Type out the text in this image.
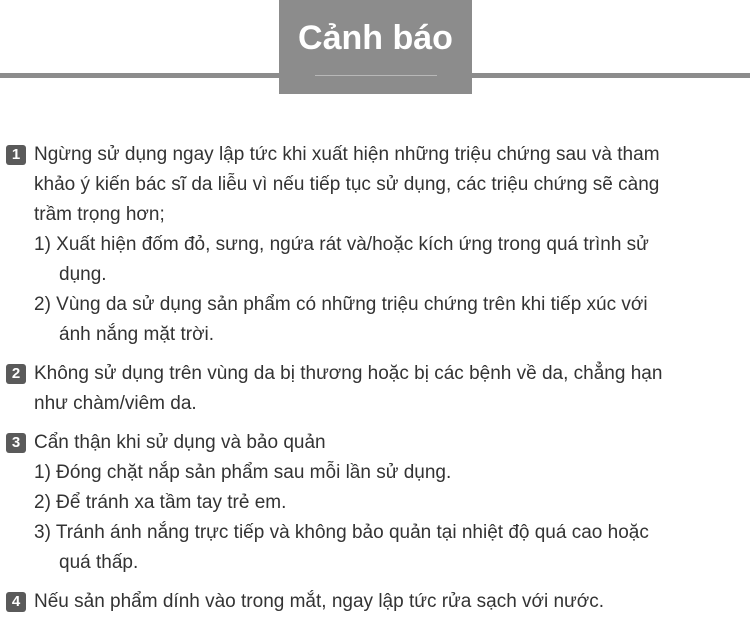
Cảnh báo
1 Ngừng sử dụng ngay lập tức khi xuất hiện những triệu chứng sau và tham

khảo ý kiến bác sĩ da liễu vì nếu tiếp tục sử dụng, các triệu chứng sẽ càng

trầm trọng hơn;

1) Xuất hiện đốm đỏ, sưng, ngứa rát và/hoặc kích ứng trong quá trình sử

dụng.

2) Vùng da sử dụng sản phẩm có những triệu chứng trên khi tiếp xúc với

ánh nắng mặt trời.

2 Không sử dụng trên vùng da bị thương hoặc bị các bệnh về da, chẳng hạn

như chàm/viêm da.

3 Cẩn thận khi sử dụng và bảo quản

1) Đóng chặt nắp sản phẩm sau mỗi lần sử dụng.

2) Để tránh xa tầm tay trẻ em.

3) Tránh ánh nắng trực tiếp và không bảo quản tại nhiệt độ quá cao hoặc

quá thấp.

4 Nếu sản phẩm dính vào trong mắt, ngay lập tức rửa sạch với nước.
